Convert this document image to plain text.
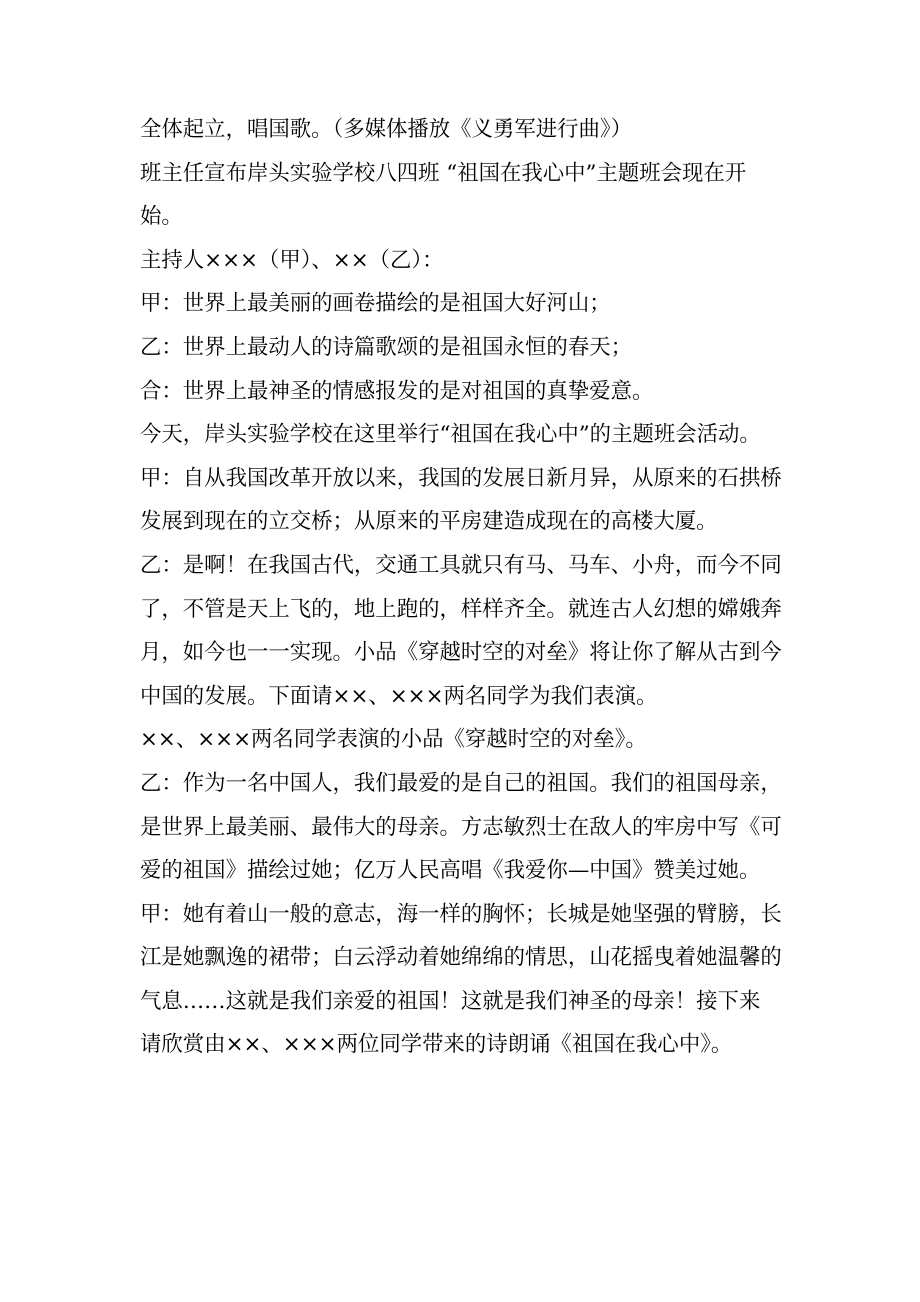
全体起立，唱国歌。（多媒体播放《义勇军进行曲》）

班主任宣布岸头实验学校八四班 “祖国在我心中”主题班会现在开

始。

主持人×××（甲）、××（乙）：

甲：世界上最美丽的画卷描绘的是祖国大好河山；

乙：世界上最动人的诗篇歌颂的是祖国永恒的春天；

合：世界上最神圣的情感报发的是对祖国的真挚爱意。

今天，岸头实验学校在这里举行“祖国在我心中”的主题班会活动。

甲：自从我国改革开放以来，我国的发展日新月异，从原来的石拱桥

发展到现在的立交桥；从原来的平房建造成现在的高楼大厦。

乙：是啊！在我国古代，交通工具就只有马、马车、小舟，而今不同

了，不管是天上飞的，地上跑的，样样齐全。就连古人幻想的嫦娥奔

月，如今也一一实现。小品《穿越时空的对垒》将让你了解从古到今

中国的发展。下面请××、×××两名同学为我们表演。

××、×××两名同学表演的小品《穿越时空的对垒》。

乙：作为一名中国人，我们最爱的是自己的祖国。我们的祖国母亲，

是世界上最美丽、最伟大的母亲。方志敏烈士在敌人的牢房中写《可

爱的祖国》描绘过她；亿万人民高唱《我爱你—中国》赞美过她。

甲：她有着山一般的意志，海一样的胸怀；长城是她坚强的臂膀，长

江是她飘逸的裙带；白云浮动着她绵绵的情思，山花摇曳着她温馨的

气息……这就是我们亲爱的祖国！这就是我们神圣的母亲！接下来

请欣赏由××、×××两位同学带来的诗朗诵《祖国在我心中》。
